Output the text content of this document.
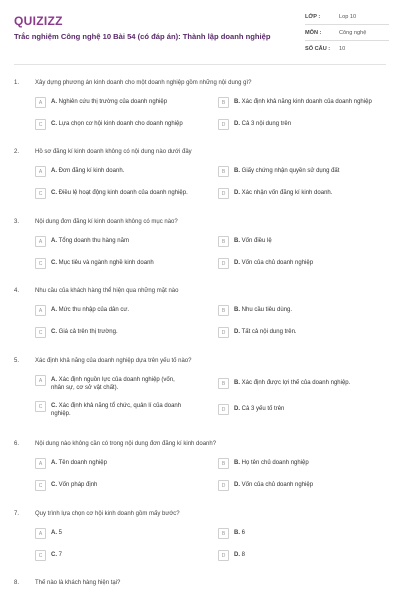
QUIZIZZ
Trắc nghiệm Công nghệ 10 Bài 54 (có đáp án): Thành lập doanh nghiệp
LỚP :	Lop 10
MÔN :	Công nghệ
SỐ CÂU :	10
1.	Xây dựng phương án kinh doanh cho một doanh nghiệp gồm những nội dung gì?
A	A. Nghiên cứu thị trường của doanh nghiệp	B	B. Xác định khả năng kinh doanh của doanh nghiệp
C	C. Lựa chọn cơ hội kinh doanh cho doanh nghiệp	D	D. Cả 3 nội dung trên
2.	Hồ sơ đăng kí kinh doanh không có nội dung nào dưới đây
A	A. Đơn đăng kí kinh doanh.	B	B. Giấy chứng nhận quyền sử dụng đất
C	C. Điều lệ hoạt động kinh doanh của doanh nghiệp.	D	D. Xác nhận vốn đăng kí kinh doanh.
3.	Nội dung đơn đăng kí kinh doanh không có mục nào?
A	A. Tổng doanh thu hàng năm	B	B. Vốn điều lệ
C	C. Mục tiêu và ngành nghề kinh doanh	D	D. Vốn của chủ doanh nghiệp
4.	Nhu cầu của khách hàng thể hiện qua những mặt nào
A	A. Mức thu nhập của dân cư.	B	B. Nhu cầu tiêu dùng.
C	C. Giá cả trên thị trường.	D	D. Tất cả nội dung trên.
5.	Xác định khả năng của doanh nghiệp dựa trên yếu tố nào?
A	A. Xác định nguồn lực của doanh nghiệp (vốn, nhân sự, cơ sở vật chất).
B	B. Xác định được lợi thế của doanh nghiệp.
C	C. Xác định khả năng tổ chức, quản lí của doanh nghiệp.
D	D. Cả 3 yếu tố trên
6.	Nội dung nào không cần có trong nội dung đơn đăng kí kinh doanh?
A	A. Tên doanh nghiệp	B	B. Họ tên chủ doanh nghiệp
C	C. Vốn pháp định	D	D. Vốn của chủ doanh nghiệp
7.	Quy trình lựa chọn cơ hội kinh doanh gồm mấy bước?
A	A. 5	B	B. 6
C	C. 7	D	D. 8
8.	Thế nào là khách hàng hiện tại?
